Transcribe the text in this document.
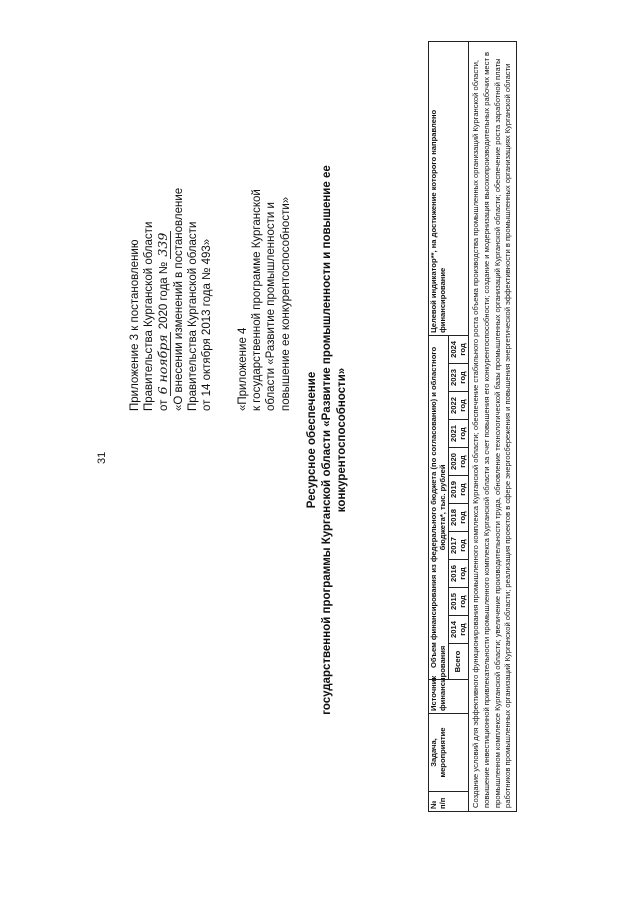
31
Приложение 3 к постановлению Правительства Курганской области от 6 ноября 2020 года № 339 «О внесении изменений в постановление Правительства Курганской области от 14 октября 2013 года № 493» «Приложение 4 к государственной программе Курганской области «Развитие промышленности и повышение ее конкурентоспособности»
Ресурсное обеспечение государственной программы Курганской области «Развитие промышленности и повышение ее конкурентоспособности»
№ п/п	Задача, мероприятие	Источник финансирования	Объем финансирования из федерального бюджета (по согласованию) и областного бюджета*, тыс. рублей												Целевой индикатор**, на достижение которого направлено финансирование
			Всего	2014 год	2015 год	2016 год	2017 год	2018 год	2019 год	2020 год	2021 год	2022 год	2023 год	2024 год	
Создание условий для эффективного функционирования промышленного комплекса Курганской области; обеспечение стабильного роста объема производства промышленных организаций Курганской области, повышение инвестиционной привлекательности промышленного комплекса Курганской области за счет повышения его конкурентоспособности; создание и модернизация высокопроизводительных рабочих мест в промышленном комплексе Курганской области; увеличение производительности труда, обновление технологической базы промышленных организаций Курганской области; обеспечение роста заработной платы работников промышленных организаций Курганской области; реализация проектов в сфере энергосбережения и повышения энергетической эффективности в промышленных организациях Курганской области															
